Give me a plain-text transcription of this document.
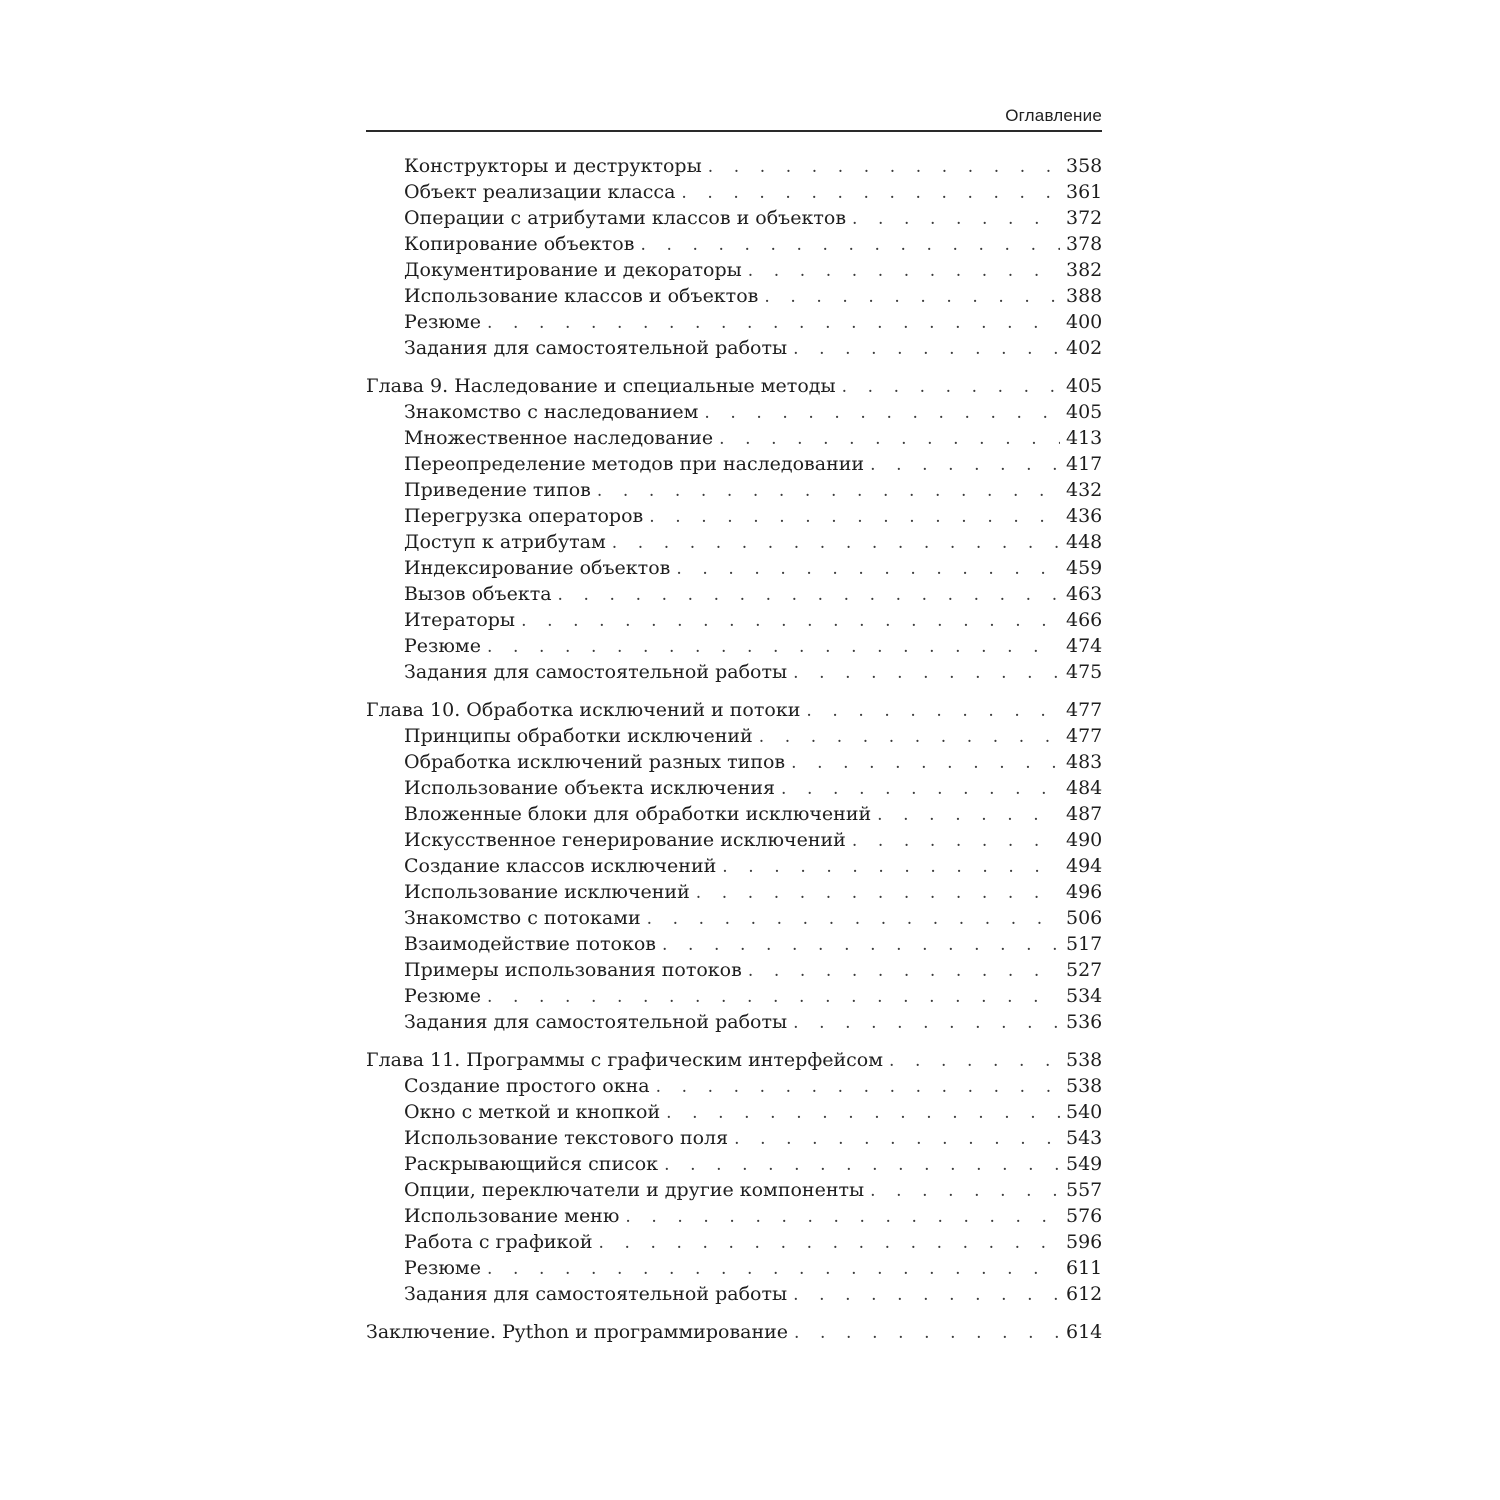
Оглавление
Конструкторы и деструкторы . . .	358
Объект реализации класса . . .	361
Операции с атрибутами классов и объектов . . .	372
Копирование объектов . . .	378
Документирование и декораторы . . .	382
Использование классов и объектов . . .	388
Резюме . . .	400
Задания для самостоятельной работы . . .	402
Глава 9. Наследование и специальные методы . . .	405
Знакомство с наследованием . . .	405
Множественное наследование . . .	413
Переопределение методов при наследовании . . .	417
Приведение типов . . .	432
Перегрузка операторов . . .	436
Доступ к атрибутам . . .	448
Индексирование объектов . . .	459
Вызов объекта . . .	463
Итераторы . . .	466
Резюме . . .	474
Задания для самостоятельной работы . . .	475
Глава 10. Обработка исключений и потоки . . .	477
Принципы обработки исключений . . .	477
Обработка исключений разных типов . . .	483
Использование объекта исключения . . .	484
Вложенные блоки для обработки исключений . . .	487
Искусственное генерирование исключений . . .	490
Создание классов исключений . . .	494
Использование исключений . . .	496
Знакомство с потоками . . .	506
Взаимодействие потоков . . .	517
Примеры использования потоков . . .	527
Резюме . . .	534
Задания для самостоятельной работы . . .	536
Глава 11. Программы с графическим интерфейсом . . .	538
Создание простого окна . . .	538
Окно с меткой и кнопкой . . .	540
Использование текстового поля . . .	543
Раскрывающийся список . . .	549
Опции, переключатели и другие компоненты . . .	557
Использование меню . . .	576
Работа с графикой . . .	596
Резюме . . .	611
Задания для самостоятельной работы . . .	612
Заключение. Python и программирование . . .	614
